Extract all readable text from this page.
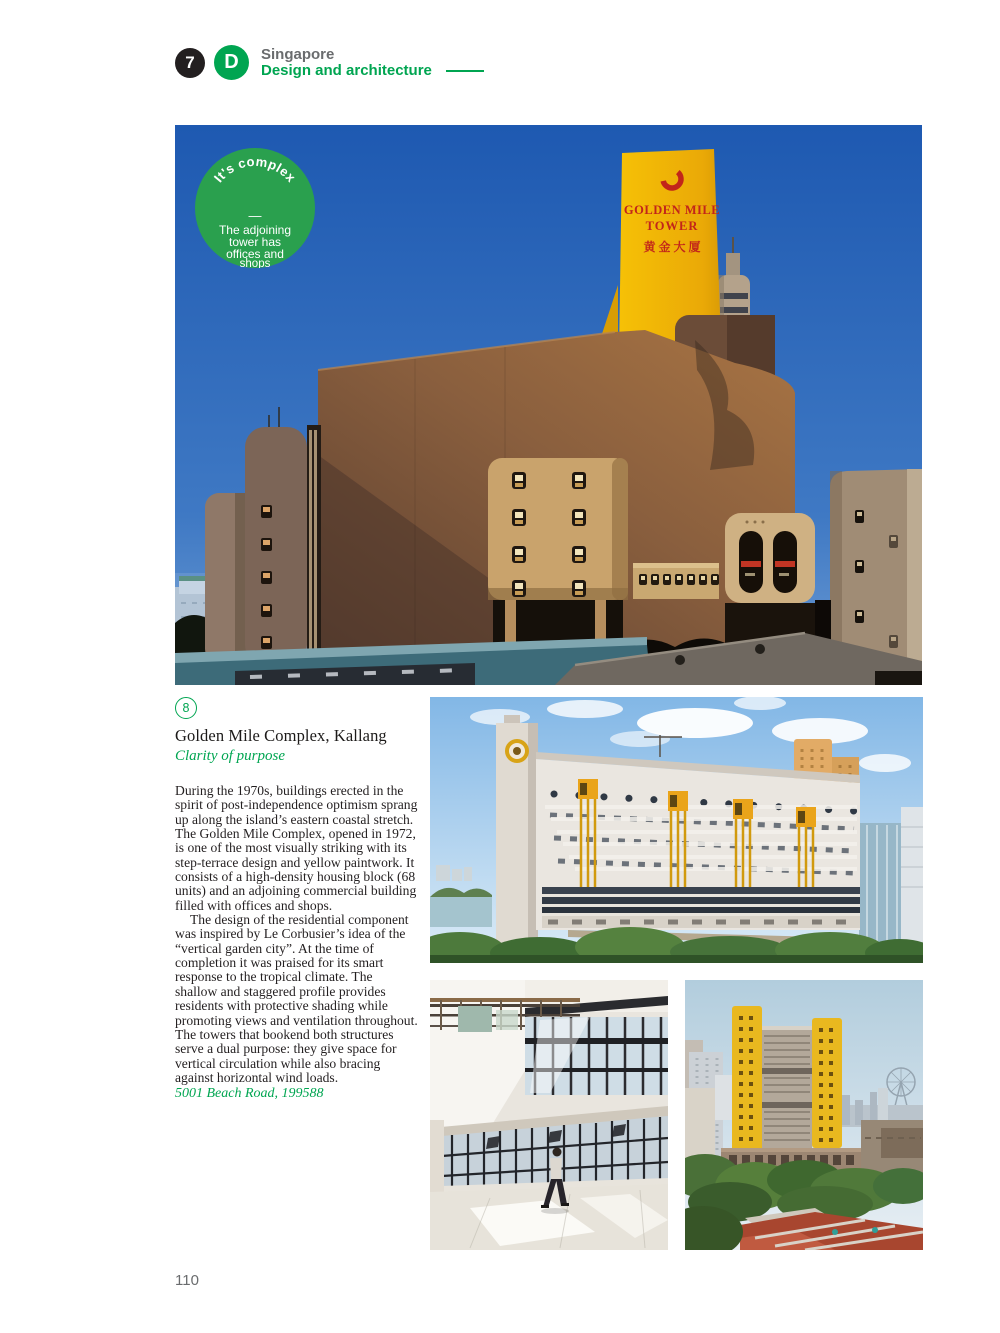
7 D Singapore
Design and architecture
GOLDEN MILE
TOWER
黄 金 大 厦
It's complex
—
The adjoining
tower has
offices and
shops
8
Golden Mile Complex, Kallang
Clarity of purpose

During the 1970s, buildings erected in the spirit of post-independence optimism sprang up along the island’s eastern coastal stretch. The Golden Mile Complex, opened in 1972, is one of the most visually striking with its step-terrace design and yellow paintwork. It consists of a high-density housing block (68 units) and an adjoining commercial building filled with offices and shops.

The design of the residential component was inspired by Le Corbusier’s idea of the “vertical garden city”. At the time of completion it was praised for its smart response to the tropical climate. The shallow and staggered profile provides residents with protective shading while promoting views and ventilation throughout. The towers that bookend both structures serve a dual purpose: they give space for vertical circulation while also bracing against horizontal wind loads.

5001 Beach Road, 199588
110
